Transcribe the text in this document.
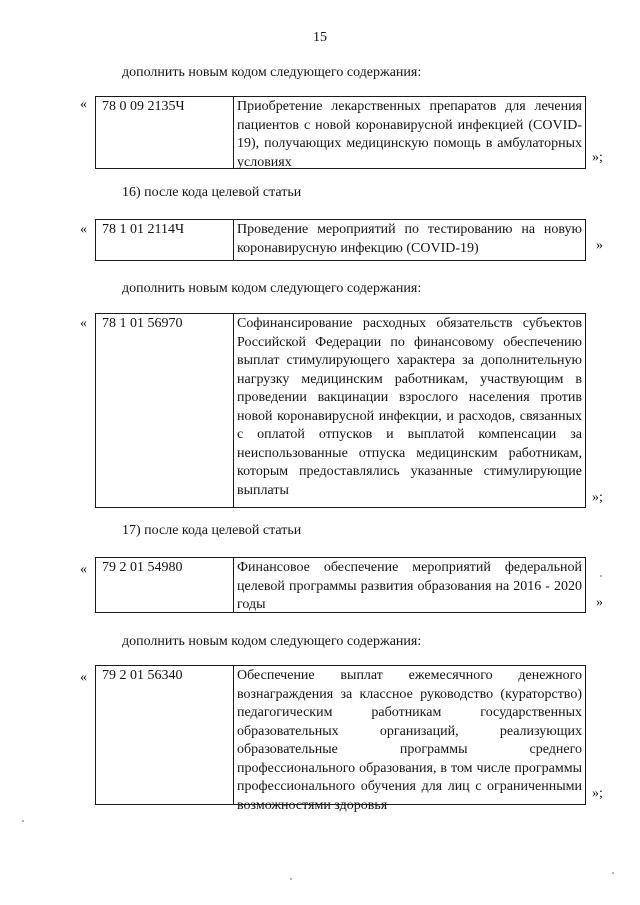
15
дополнить новым кодом следующего содержания:
«	78 0 09 2135Ч	Приобретение лекарственных препаратов для лечения пациентов с новой коронавирусной инфекцией (COVID-19), получающих медицинскую помощь в амбулаторных условиях	»;
16) после кода целевой статьи
«	78 1 01 2114Ч	Проведение мероприятий по тестированию на новую коронавирусную инфекцию (COVID-19)	»
дополнить новым кодом следующего содержания:
«	78 1 01 56970	Софинансирование расходных обязательств субъектов Российской Федерации по финансовому обеспечению выплат стимулирующего характера за дополнительную нагрузку медицинским работникам, участвующим в проведении вакцинации взрослого населения против новой коронавирусной инфекции, и расходов, связанных с оплатой отпусков и выплатой компенсации за неиспользованные отпуска медицинским работникам, которым предоставлялись указанные стимулирующие выплаты	»;
17) после кода целевой статьи
«	79 2 01 54980	Финансовое обеспечение мероприятий федеральной целевой программы развития образования на 2016 - 2020 годы	»
дополнить новым кодом следующего содержания:
«	79 2 01 56340	Обеспечение выплат ежемесячного денежного вознаграждения за классное руководство (кураторство) педагогическим работникам государственных образовательных организаций, реализующих образовательные программы среднего профессионального образования, в том числе программы профессионального обучения для лиц с ограниченными возможностями здоровья
»;
